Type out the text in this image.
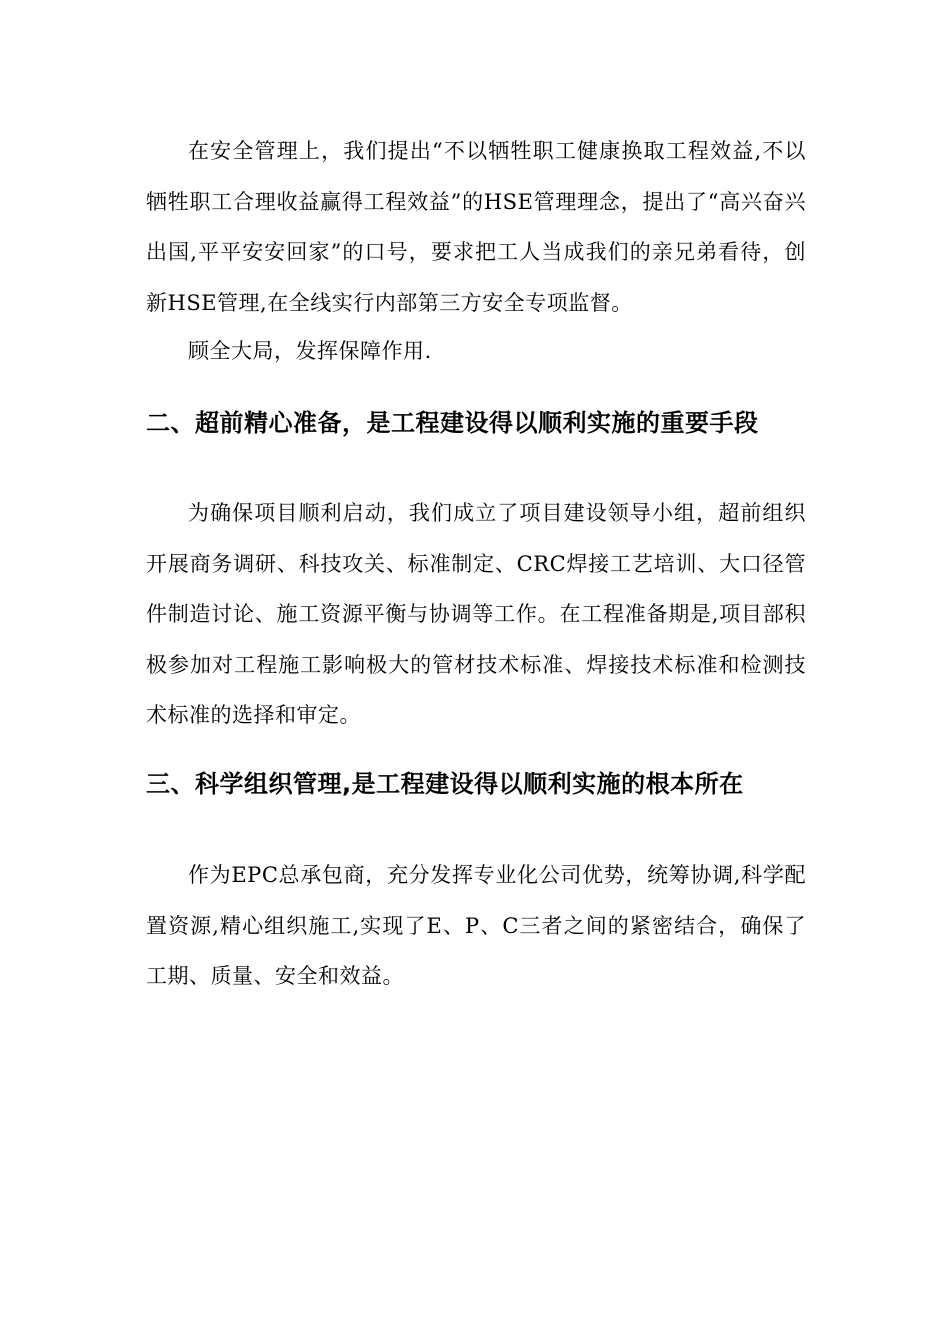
在安全管理上，我们提出“不以牺牲职工健康换取工程效益,不以牺牲职工合理收益赢得工程效益”的HSE管理理念，提出了“高兴奋兴出国,平平安安回家”的口号，要求把工人当成我们的亲兄弟看待，创新HSE管理,在全线实行内部第三方安全专项监督。

顾全大局，发挥保障作用.

二、超前精心准备，是工程建设得以顺利实施的重要手段

为确保项目顺利启动，我们成立了项目建设领导小组，超前组织开展商务调研、科技攻关、标准制定、CRC焊接工艺培训、大口径管件制造讨论、施工资源平衡与协调等工作。在工程准备期是,项目部积极参加对工程施工影响极大的管材技术标准、焊接技术标准和检测技术标准的选择和审定。

三、科学组织管理,是工程建设得以顺利实施的根本所在

作为EPC总承包商，充分发挥专业化公司优势，统筹协调,科学配置资源,精心组织施工,实现了E、P、C三者之间的紧密结合，确保了工期、质量、安全和效益。
